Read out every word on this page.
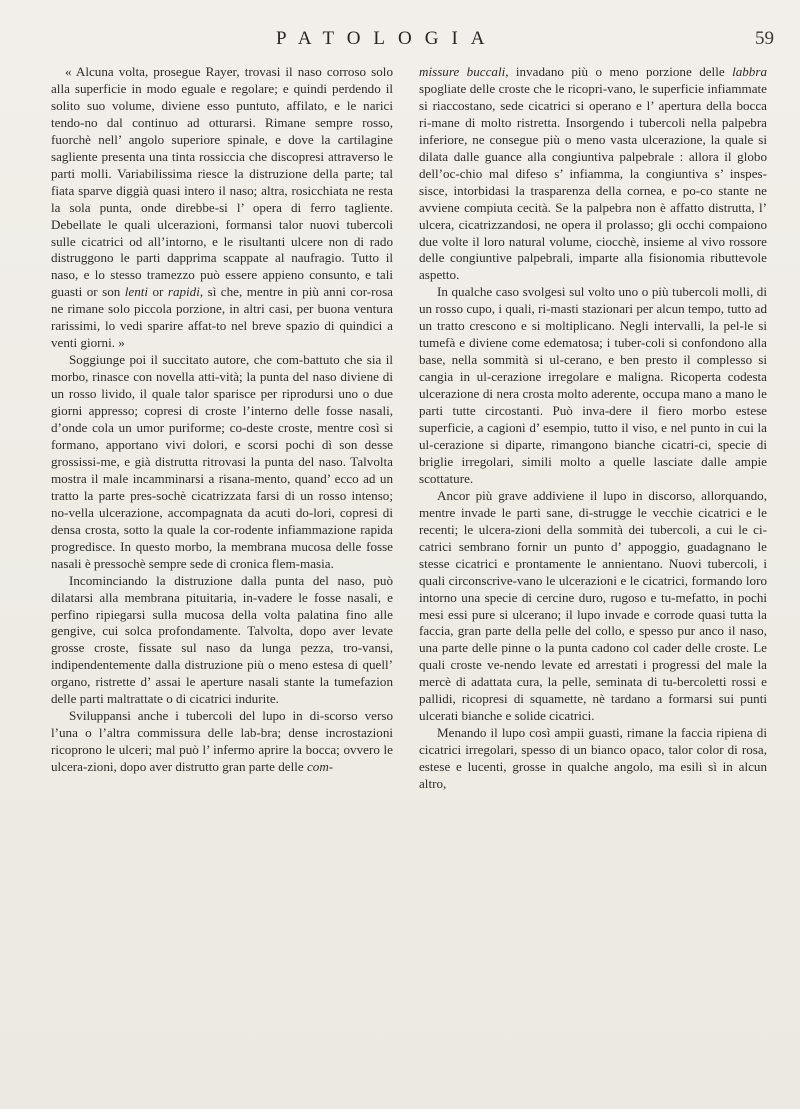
PATOLOGIA	59

« Alcuna volta, prosegue Rayer, trovasi il naso corroso solo alla superficie in modo eguale e regolare; e quindi perdendo il solito suo volume, diviene esso puntuto, affilato, e le narici tendo-no dal continuo ad otturarsi. Rimane sempre rosso, fuorchè nell’ angolo superiore spinale, e dove la cartilagine sagliente presenta una tinta rossiccia che discopresi attraverso le parti molli. Variabilissima riesce la distruzione della parte; tal fiata sparve diggià quasi intero il naso; altra, rosicchiata ne resta la sola punta, onde direbbe-si l’ opera di ferro tagliente. Debellate le quali ulcerazioni, formansi talor nuovi tubercoli sulle cicatrici od all’intorno, e le risultanti ulcere non di rado distruggono le parti dapprima scappate al naufragio. Tutto il naso, e lo stesso tramezzo può essere appieno consunto, e tali guasti or son lenti or rapidi, sì che, mentre in più anni cor-rosa ne rimane solo piccola porzione, in altri casi, per buona ventura rarissimi, lo vedi sparire affat-to nel breve spazio di quindici a venti giorni. »

Soggiunge poi il succitato autore, che com-battuto che sia il morbo, rinasce con novella atti-vità; la punta del naso diviene di un rosso livido, il quale talor sparisce per riprodursi uno o due giorni appresso; copresi di croste l’interno delle fosse nasali, d’onde cola un umor puriforme; co-deste croste, mentre così si formano, apportano vivi dolori, e scorsi pochi dì son desse grossissi-me, e già distrutta ritrovasi la punta del naso. Talvolta mostra il male incamminarsi a risana-mento, quand’ ecco ad un tratto la parte pres-sochè cicatrizzata farsi di un rosso intenso; no-vella ulcerazione, accompagnata da acuti do-lori, copresi di densa crosta, sotto la quale la cor-rodente infiammazione rapida progredisce. In questo morbo, la membrana mucosa delle fosse nasali è pressochè sempre sede di cronica flem-masia.

Incominciando la distruzione dalla punta del naso, può dilatarsi alla membrana pituitaria, in-vadere le fosse nasali, e perfino ripiegarsi sulla mucosa della volta palatina fino alle gengive, cui solca profondamente. Talvolta, dopo aver levate grosse croste, fissate sul naso da lunga pezza, tro-vansi, indipendentemente dalla distruzione più o meno estesa di quell’ organo, ristrette d’ assai le aperture nasali stante la tumefazion delle parti maltrattate o di cicatrici indurite.

Sviluppansi anche i tubercoli del lupo in di-scorso verso l’una o l’altra commissura delle lab-bra; dense incrostazioni ricoprono le ulceri; mal può l’ infermo aprire la bocca; ovvero le ulcera-zioni, dopo aver distrutto gran parte delle com-

missure buccali, invadano più o meno porzione delle labbra spogliate delle croste che le ricopri-vano, le superficie infiammate si riaccostano, sede cicatrici si operano e l’ apertura della bocca ri-mane di molto ristretta. Insorgendo i tubercoli nella palpebra inferiore, ne consegue più o meno vasta ulcerazione, la quale si dilata dalle guance alla congiuntiva palpebrale : allora il globo dell’oc-chio mal difeso s’ infiamma, la congiuntiva s’ inspes-sisce, intorbidasi la trasparenza della cornea, e po-co stante ne avviene compiuta cecità. Se la palpebra non è affatto distrutta, l’ ulcera, cicatrizzandosi, ne opera il prolasso; gli occhi compaiono due volte il loro natural volume, ciocchè, insieme al vivo rossore delle congiuntive palpebrali, imparte alla fisionomia ributtevole aspetto.

In qualche caso svolgesi sul volto uno o più tubercoli molli, di un rosso cupo, i quali, ri-masti stazionari per alcun tempo, tutto ad un tratto crescono e si moltiplicano. Negli intervalli, la pel-le si tumefà e diviene come edematosa; i tuber-coli si confondono alla base, nella sommità si ul-cerano, e ben presto il complesso si cangia in ul-cerazione irregolare e maligna. Ricoperta codesta ulcerazione di nera crosta molto aderente, occupa mano a mano le parti tutte circostanti. Può inva-dere il fiero morbo estese superficie, a cagioni d’ esempio, tutto il viso, e nel punto in cui la ul-cerazione si diparte, rimangono bianche cicatri-ci, specie di briglie irregolari, simili molto a quelle lasciate dalle ampie scottature.

Ancor più grave addiviene il lupo in discorso, allorquando, mentre invade le parti sane, di-strugge le vecchie cicatrici e le recenti; le ulcera-zioni della sommità dei tubercoli, a cui le ci-catrici sembrano fornir un punto d’ appoggio, guadagnano le stesse cicatrici e prontamente le annientano. Nuovi tubercoli, i quali circonscrive-vano le ulcerazioni e le cicatrici, formando loro intorno una specie di cercine duro, rugoso e tu-mefatto, in pochi mesi essi pure si ulcerano; il lupo invade e corrode quasi tutta la faccia, gran parte della pelle del collo, e spesso pur anco il naso, una parte delle pinne o la punta cadono col cader delle croste. Le quali croste ve-nendo levate ed arrestati i progressi del male la mercè di adattata cura, la pelle, seminata di tu-bercoletti rossi e pallidi, ricopresi di squamette, nè tardano a formarsi sui punti ulcerati bianche e solide cicatrici.

Menando il lupo così ampii guasti, rimane la faccia ripiena di cicatrici irregolari, spesso di un bianco opaco, talor color di rosa, estese e lucenti, grosse in qualche angolo, ma esili sì in alcun altro,
